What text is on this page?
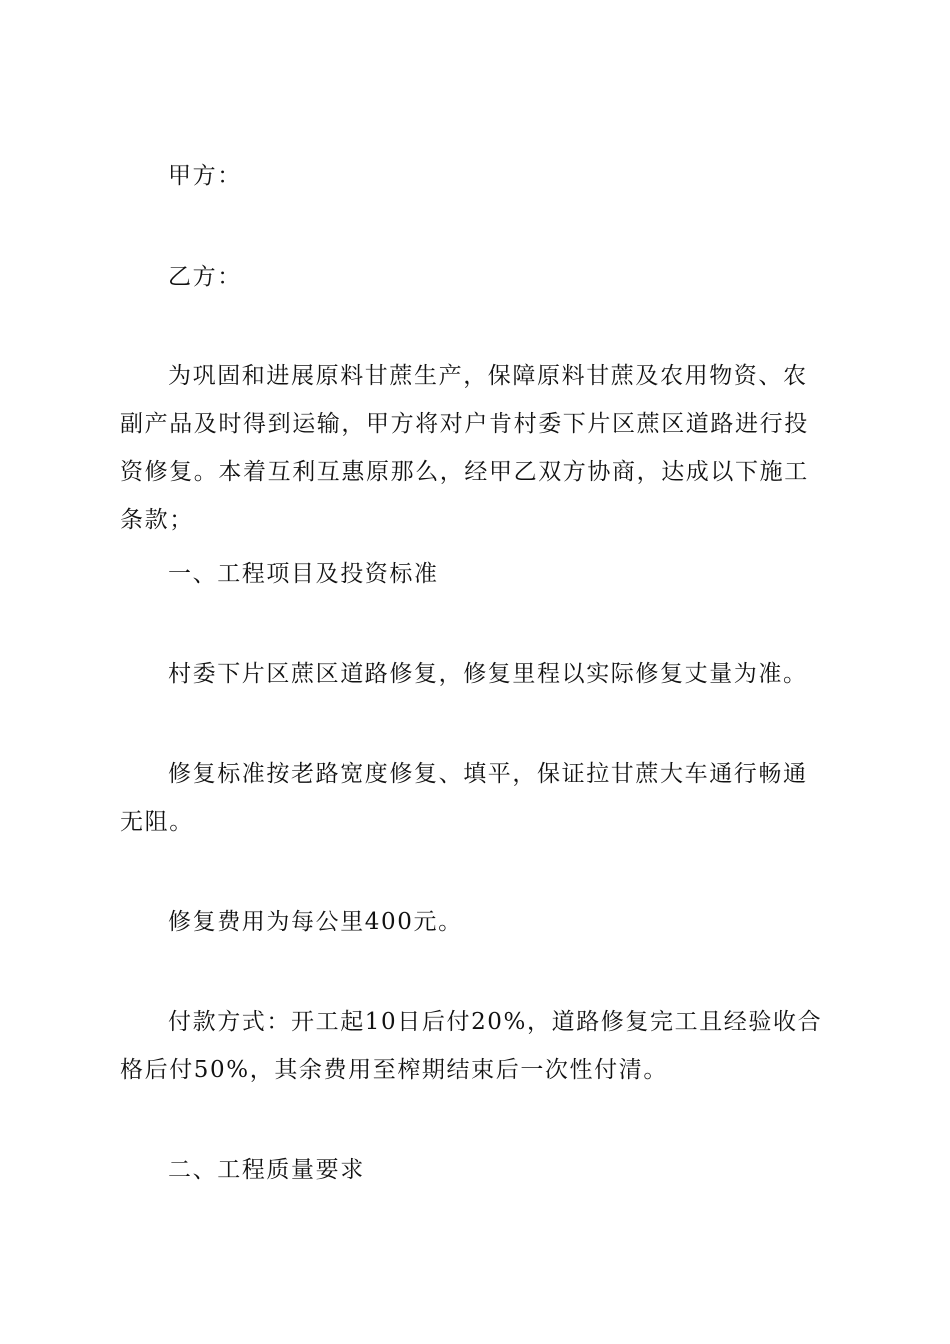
甲方：

乙方：

为巩固和进展原料甘蔗生产，保障原料甘蔗及农用物资、农副产品及时得到运输，甲方将对户肯村委下片区蔗区道路进行投资修复。本着互利互惠原那么，经甲乙双方协商，达成以下施工条款；

一、工程项目及投资标准

村委下片区蔗区道路修复，修复里程以实际修复丈量为准。

修复标准按老路宽度修复、填平，保证拉甘蔗大车通行畅通无阻。

修复费用为每公里400元。

付款方式：开工起10日后付20%，道路修复完工且经验收合格后付50%，其余费用至榨期结束后一次性付清。

二、工程质量要求
